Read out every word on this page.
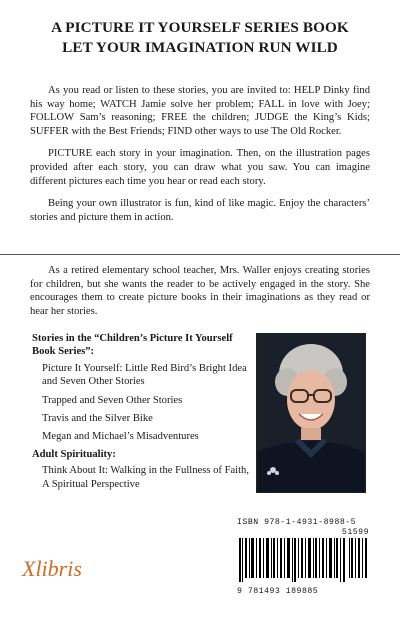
A PICTURE IT YOURSELF SERIES BOOK
LET YOUR IMAGINATION RUN WILD

As you read or listen to these stories, you are invited to: HELP Dinky find his way home; WATCH Jamie solve her problem; FALL in love with Joey; FOLLOW Sam’s reasoning; FREE the children; JUDGE the King’s Kids; SUFFER with the Best Friends; FIND other ways to use The Old Rocker.

PICTURE each story in your imagination. Then, on the illustration pages provided after each story, you can draw what you saw. You can imagine different pictures each time you hear or read each story.

Being your own illustrator is fun, kind of like magic. Enjoy the characters’ stories and picture them in action.

As a retired elementary school teacher, Mrs. Waller enjoys creating stories for children, but she wants the reader to be actively engaged in the story. She encourages them to create picture books in their imaginations as they read or hear her stories.

Stories in the “Children’s Picture It Yourself Book Series”:
Picture It Yourself: Little Red Bird’s Bright Idea and Seven Other Stories
Trapped and Seven Other Stories
Travis and the Silver Bike
Megan and Michael’s Misadventures
Adult Spirituality:
Think About It: Walking in the Fullness of Faith, A Spiritual Perspective
ISBN 978-1-4931-8988-5
51599
9 781493 189885
Xlibris
